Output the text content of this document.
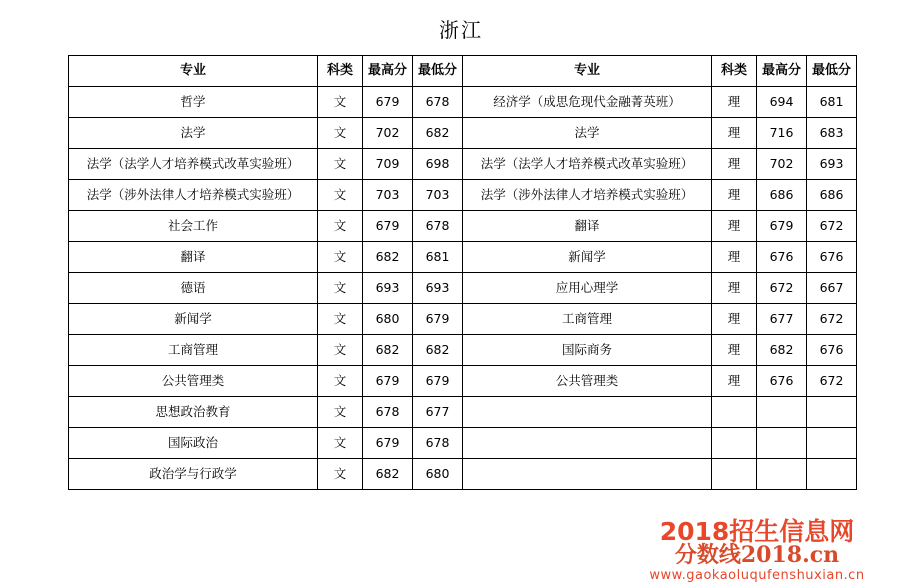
浙江
专业	科类	最高分	最低分	专业	科类	最高分	最低分
哲学	文	679	678	经济学（成思危现代金融菁英班）	理	694	681
法学	文	702	682	法学	理	716	683
法学（法学人才培养模式改革实验班）	文	709	698	法学（法学人才培养模式改革实验班）	理	702	693
法学（涉外法律人才培养模式实验班）	文	703	703	法学（涉外法律人才培养模式实验班）	理	686	686
社会工作	文	679	678	翻译	理	679	672
翻译	文	682	681	新闻学	理	676	676
德语	文	693	693	应用心理学	理	672	667
新闻学	文	680	679	工商管理	理	677	672
工商管理	文	682	682	国际商务	理	682	676
公共管理类	文	679	679	公共管理类	理	676	672
思想政治教育	文	678	677				
国际政治	文	679	678				
政治学与行政学	文	682	680				
2018招生信息网
分数线2018.cn
www.gaokaoluqufenshuxian.cn
